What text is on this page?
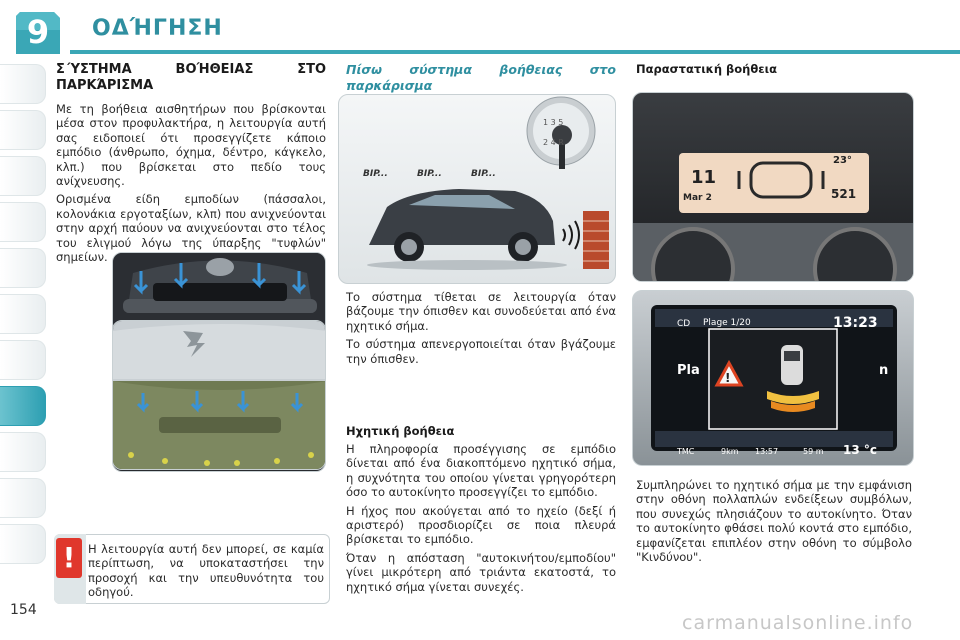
9	ΟΔΉΓΗΣΗ
Σ΄ΥΣΤΗΜΑ ΒΟΉΘΕΙΑΣ ΣΤΟ ΠΑΡΚΆΡΙΣΜΑ

Με τη βοήθεια αισθητήρων που βρίσκονται μέσα στον προφυλακτήρα, η λειτουργία αυτή σας ειδοποιεί ότι προσεγγίζετε κάποιο εμπόδιο (άνθρωπο, όχημα, δέντρο, κάγκελο, κλπ.) που βρίσκεται στο πεδίο τους ανίχνευσης.

Ορισμένα είδη εμποδίων (πάσσαλοι, κολονάκια εργοταξίων, κλπ) που ανιχνεύονται στην αρχή παύουν να ανιχνεύονται στο τέλος του ελιγμού λόγω της ύπαρξης "τυφλών" σημείων.

Πίσω σύστημα βοήθειας στο παρκάρισμα
1 3 5
2 4 R
BIP...	BIP...	BIP...

Το σύστημα τίθεται σε λειτουργία όταν βάζουμε την όπισθεν και συνοδεύεται από ένα ηχητικό σήμα.

Το σύστημα απενεργοποιείται όταν βγάζουμε την όπισθεν.

Ηχητική βοήθεια

Η πληροφορία προσέγγισης σε εμπόδιο δίνεται από ένα διακοπτόμενο ηχητικό σήμα, η συχνότητα του οποίου γίνεται γρηγορότερη όσο το αυτοκίνητο προσεγγίζει το εμπόδιο.

Η ήχος που ακούγεται από το ηχείο (δεξί ή αριστερό) προσδιορίζει σε ποια πλευρά βρίσκεται το εμπόδιο.

Όταν η απόσταση "αυτοκινήτου/εμποδίου" γίνει μικρότερη από τριάντα εκατοστά, το ηχητικό σήμα γίνεται συνεχές.

Παραστατική βοήθεια
11
Mar 2
23°
521
!
CD Plage 1/20	13:23
Pla	n
TMC	9km 13:57	59 m 13 °c

Συμπληρώνει το ηχητικό σήμα με την εμφάνιση στην οθόνη πολλαπλών ενδείξεων συμβόλων, που συνεχώς πλησιάζουν το αυτοκίνητο. Όταν το αυτοκίνητο φθάσει πολύ κοντά στο εμπόδιο, εμφανίζεται επιπλέον στην οθόνη το σύμβολο "Κινδύνου".

!	Η λειτουργία αυτή δεν μπορεί, σε καμία περίπτωση, να υποκαταστήσει την προσοχή και την υπευθυνότητα του οδηγού.
154
carmanualsonline.info
